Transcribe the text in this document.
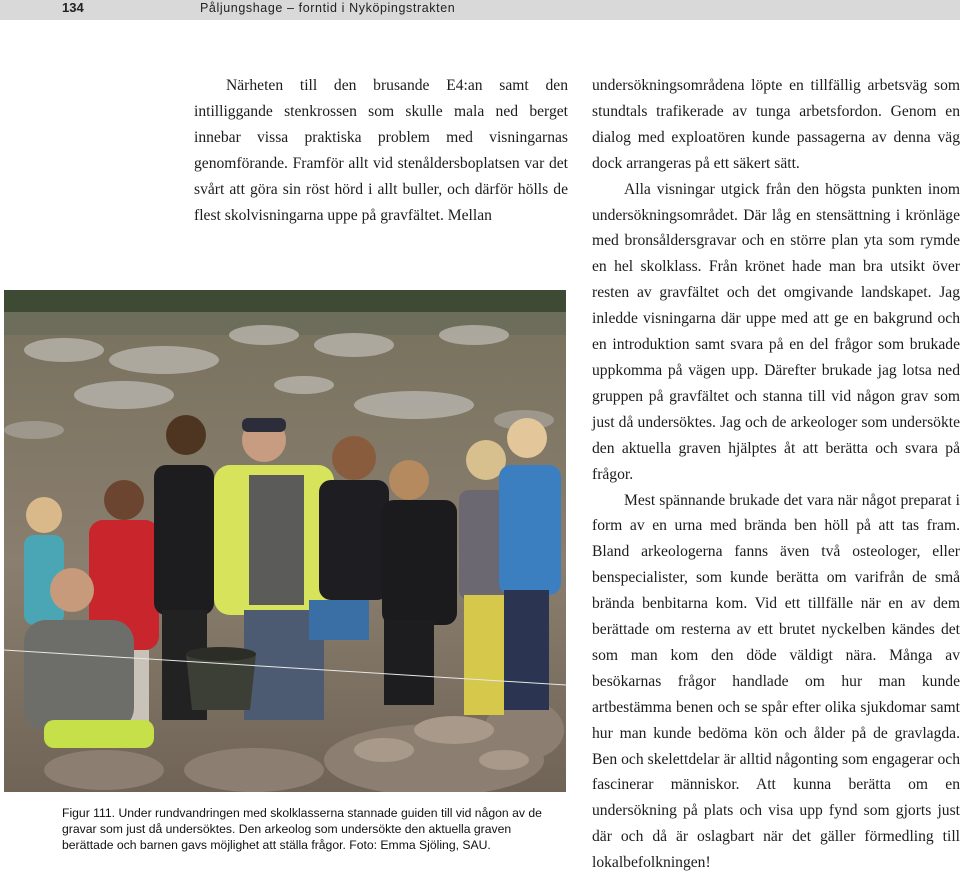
134	Påljungshage – forntid i Nyköpingstrakten

Närheten till den brusande E4:an samt den intilliggande stenkrossen som skulle mala ned berget innebar vissa praktiska problem med visningarnas genomförande. Framför allt vid stenåldersboplatsen var det svårt att göra sin röst hörd i allt buller, och därför hölls de flest skolvisningarna uppe på gravfältet. Mellan

Figur 111. Under rundvandringen med skolklasserna stannade guiden till vid någon av de gravar som just då undersöktes. Den arkeolog som undersökte den aktuella graven berättade och barnen gavs möjlighet att ställa frågor. Foto: Emma Sjöling, SAU.

undersökningsområdena löpte en tillfällig arbetsväg som stundtals trafikerade av tunga arbetsfordon. Genom en dialog med exploatören kunde passagerna av denna väg dock arrangeras på ett säkert sätt.

Alla visningar utgick från den högsta punkten inom undersökningsområdet. Där låg en stensättning i krönläge med bronsåldersgravar och en större plan yta som rymde en hel skolklass. Från krönet hade man bra utsikt över resten av gravfältet och det omgivande landskapet. Jag inledde visningarna där uppe med att ge en bakgrund och en introduktion samt svara på en del frågor som brukade uppkomma på vägen upp. Därefter brukade jag lotsa ned gruppen på gravfältet och stanna till vid någon grav som just då undersöktes. Jag och de arkeologer som undersökte den aktuella graven hjälptes åt att berätta och svara på frågor.

Mest spännande brukade det vara när något preparat i form av en urna med brända ben höll på att tas fram. Bland arkeologerna fanns även två osteologer, eller benspecialister, som kunde berätta om varifrån de små brända benbitarna kom. Vid ett tillfälle när en av dem berättade om resterna av ett brutet nyckelben kändes det som man kom den döde väldigt nära. Många av besökarnas frågor handlade om hur man kunde artbestämma benen och se spår efter olika sjukdomar samt hur man kunde bedöma kön och ålder på de gravlagda. Ben och skelettdelar är alltid någonting som engagerar och fascinerar människor. Att kunna berätta om en undersökning på plats och visa upp fynd som gjorts just där och då är oslagbart när det gäller förmedling till lokalbefolkningen!
